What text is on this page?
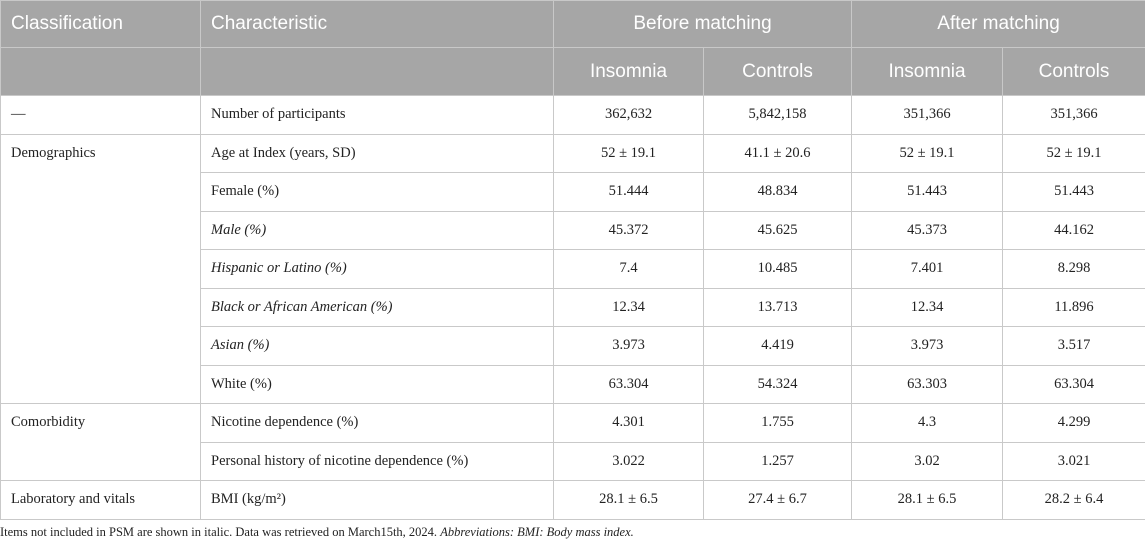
Classification	Characteristic	Before matching		After matching	
		Insomnia	Controls	Insomnia	Controls
—	Number of participants	362,632	5,842,158	351,366	351,366
Demographics	Age at Index (years, SD)	52 ± 19.1	41.1 ± 20.6	52 ± 19.1	52 ± 19.1
	Female (%)	51.444	48.834	51.443	51.443
	Male (%)	45.372	45.625	45.373	44.162
	Hispanic or Latino (%)	7.4	10.485	7.401	8.298
	Black or African American (%)	12.34	13.713	12.34	11.896
	Asian (%)	3.973	4.419	3.973	3.517
	White (%)	63.304	54.324	63.303	63.304
Comorbidity	Nicotine dependence (%)	4.301	1.755	4.3	4.299
	Personal history of nicotine dependence (%)	3.022	1.257	3.02	3.021
Laboratory and vitals	BMI (kg/m²)	28.1 ± 6.5	27.4 ± 6.7	28.1 ± 6.5	28.2 ± 6.4
Items not included in PSM are shown in italic. Data was retrieved on March15th, 2024. Abbreviations: BMI: Body mass index.
